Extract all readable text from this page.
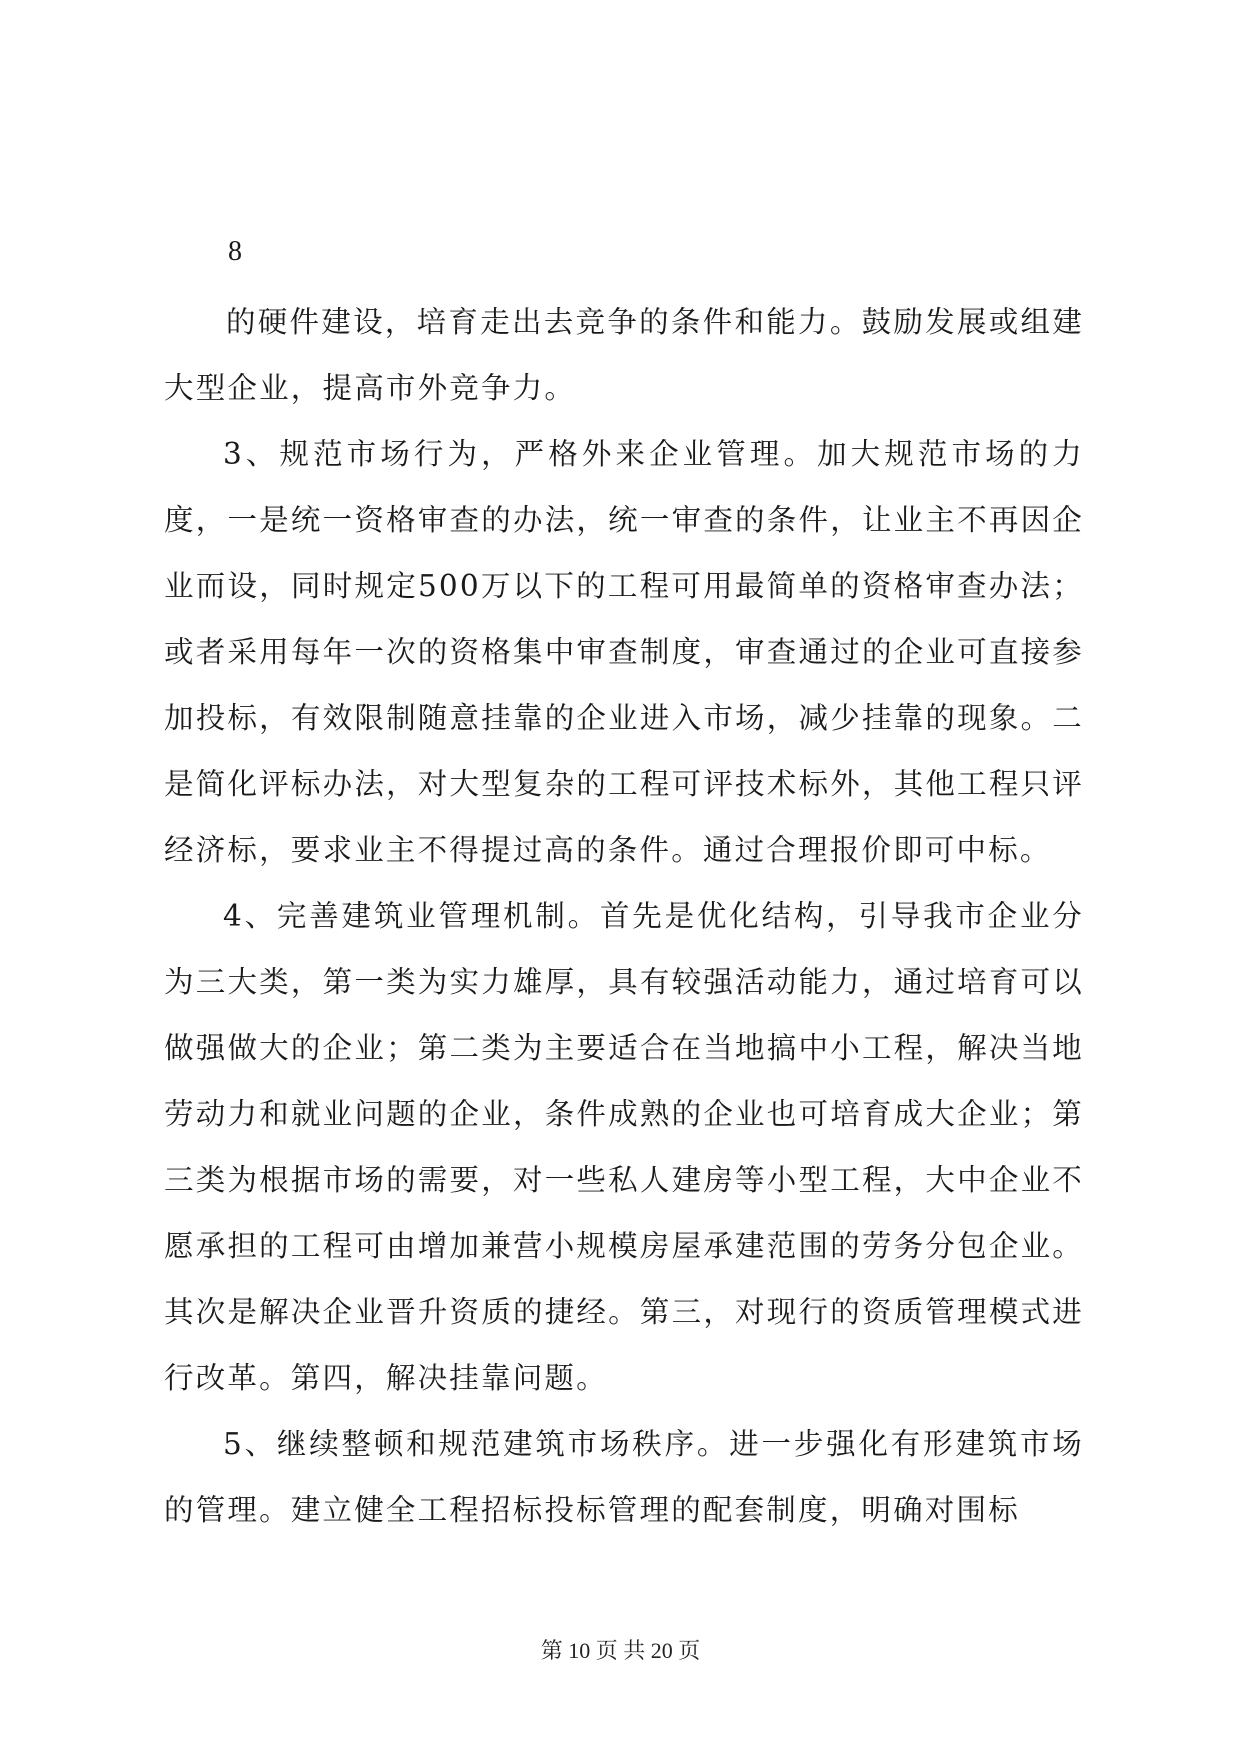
8

的硬件建设，培育走出去竞争的条件和能力。鼓励发展或组建大型企业，提高市外竞争力。

3、规范市场行为，严格外来企业管理。加大规范市场的力度，一是统一资格审查的办法，统一审查的条件，让业主不再因企业而设，同时规定500万以下的工程可用最简单的资格审查办法；或者采用每年一次的资格集中审查制度，审查通过的企业可直接参加投标，有效限制随意挂靠的企业进入市场，减少挂靠的现象。二是简化评标办法，对大型复杂的工程可评技术标外，其他工程只评经济标，要求业主不得提过高的条件。通过合理报价即可中标。

4、完善建筑业管理机制。首先是优化结构，引导我市企业分为三大类，第一类为实力雄厚，具有较强活动能力，通过培育可以做强做大的企业；第二类为主要适合在当地搞中小工程，解决当地劳动力和就业问题的企业，条件成熟的企业也可培育成大企业；第三类为根据市场的需要，对一些私人建房等小型工程，大中企业不愿承担的工程可由增加兼营小规模房屋承建范围的劳务分包企业。其次是解决企业晋升资质的捷经。第三，对现行的资质管理模式进行改革。第四，解决挂靠问题。

5、继续整顿和规范建筑市场秩序。进一步强化有形建筑市场的管理。建立健全工程招标投标管理的配套制度，明确对围标

第 10 页 共 20 页
